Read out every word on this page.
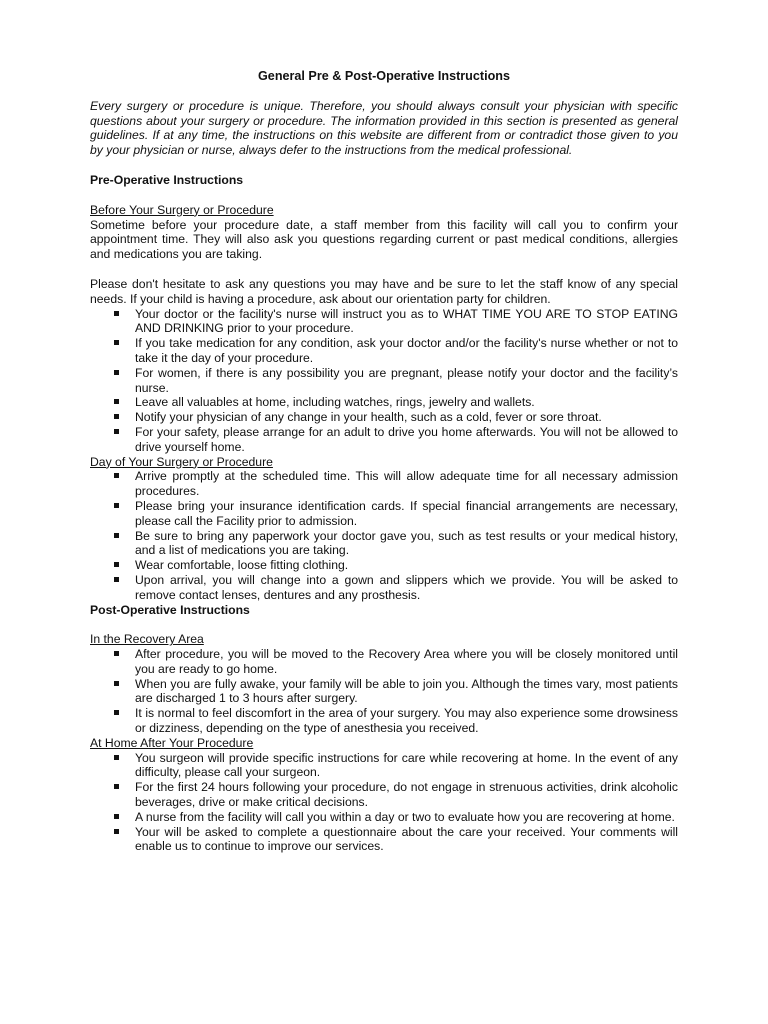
General Pre & Post-Operative Instructions

Every surgery or procedure is unique. Therefore, you should always consult your physician with specific questions about your surgery or procedure. The information provided in this section is presented as general guidelines. If at any time, the instructions on this website are different from or contradict those given to you by your physician or nurse, always defer to the instructions from the medical professional.

Pre-Operative Instructions
Before Your Surgery or Procedure

Sometime before your procedure date, a staff member from this facility will call you to confirm your appointment time. They will also ask you questions regarding current or past medical conditions, allergies and medications you are taking.

Please don't hesitate to ask any questions you may have and be sure to let the staff know of any special needs. If your child is having a procedure, ask about our orientation party for children.

Your doctor or the facility's nurse will instruct you as to WHAT TIME YOU ARE TO STOP EATING AND DRINKING prior to your procedure.
If you take medication for any condition, ask your doctor and/or the facility's nurse whether or not to take it the day of your procedure.
For women, if there is any possibility you are pregnant, please notify your doctor and the facility’s nurse.
Leave all valuables at home, including watches, rings, jewelry and wallets.
Notify your physician of any change in your health, such as a cold, fever or sore throat.
For your safety, please arrange for an adult to drive you home afterwards. You will not be allowed to drive yourself home.
Day of Your Surgery or Procedure
Arrive promptly at the scheduled time. This will allow adequate time for all necessary admission procedures.
Please bring your insurance identification cards. If special financial arrangements are necessary, please call the Facility prior to admission.
Be sure to bring any paperwork your doctor gave you, such as test results or your medical history, and a list of medications you are taking.
Wear comfortable, loose fitting clothing.
Upon arrival, you will change into a gown and slippers which we provide. You will be asked to remove contact lenses, dentures and any prosthesis.
Post-Operative Instructions
In the Recovery Area
After procedure, you will be moved to the Recovery Area where you will be closely monitored until you are ready to go home.
When you are fully awake, your family will be able to join you. Although the times vary, most patients are discharged 1 to 3 hours after surgery.
It is normal to feel discomfort in the area of your surgery. You may also experience some drowsiness or dizziness, depending on the type of anesthesia you received.
At Home After Your Procedure
You surgeon will provide specific instructions for care while recovering at home. In the event of any difficulty, please call your surgeon.
For the first 24 hours following your procedure, do not engage in strenuous activities, drink alcoholic beverages, drive or make critical decisions.
A nurse from the facility will call you within a day or two to evaluate how you are recovering at home.
Your will be asked to complete a questionnaire about the care your received. Your comments will enable us to continue to improve our services.
